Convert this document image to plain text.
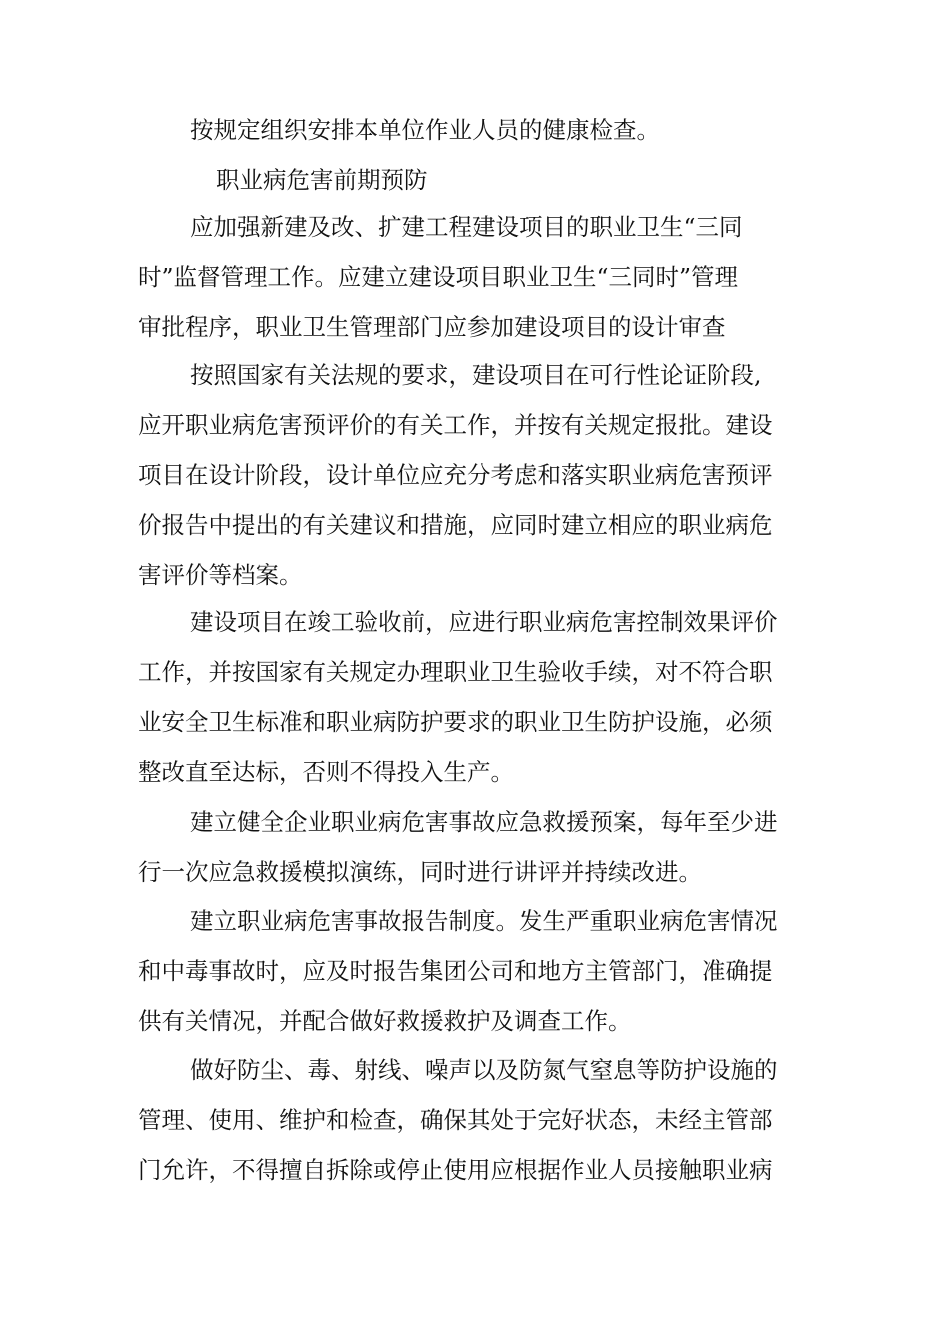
按规定组织安排本单位作业人员的健康检查。
职业病危害前期预防
应加强新建及改、扩建工程建设项目的职业卫生“三同
时”监督管理工作。应建立建设项目职业卫生“三同时”管理
审批程序，职业卫生管理部门应参加建设项目的设计审查
按照国家有关法规的要求，建设项目在可行性论证阶段,
应开职业病危害预评价的有关工作，并按有关规定报批。建设
项目在设计阶段，设计单位应充分考虑和落实职业病危害预评
价报告中提出的有关建议和措施，应同时建立相应的职业病危
害评价等档案。
建设项目在竣工验收前，应进行职业病危害控制效果评价
工作，并按国家有关规定办理职业卫生验收手续，对不符合职
业安全卫生标准和职业病防护要求的职业卫生防护设施，必须
整改直至达标，否则不得投入生产。
建立健全企业职业病危害事故应急救援预案，每年至少进
行一次应急救援模拟演练，同时进行讲评并持续改进。
建立职业病危害事故报告制度。发生严重职业病危害情况
和中毒事故时，应及时报告集团公司和地方主管部门，准确提
供有关情况，并配合做好救援救护及调查工作。
做好防尘、毒、射线、噪声以及防氮气窒息等防护设施的
管理、使用、维护和检查，确保其处于完好状态，未经主管部
门允许，不得擅自拆除或停止使用应根据作业人员接触职业病
